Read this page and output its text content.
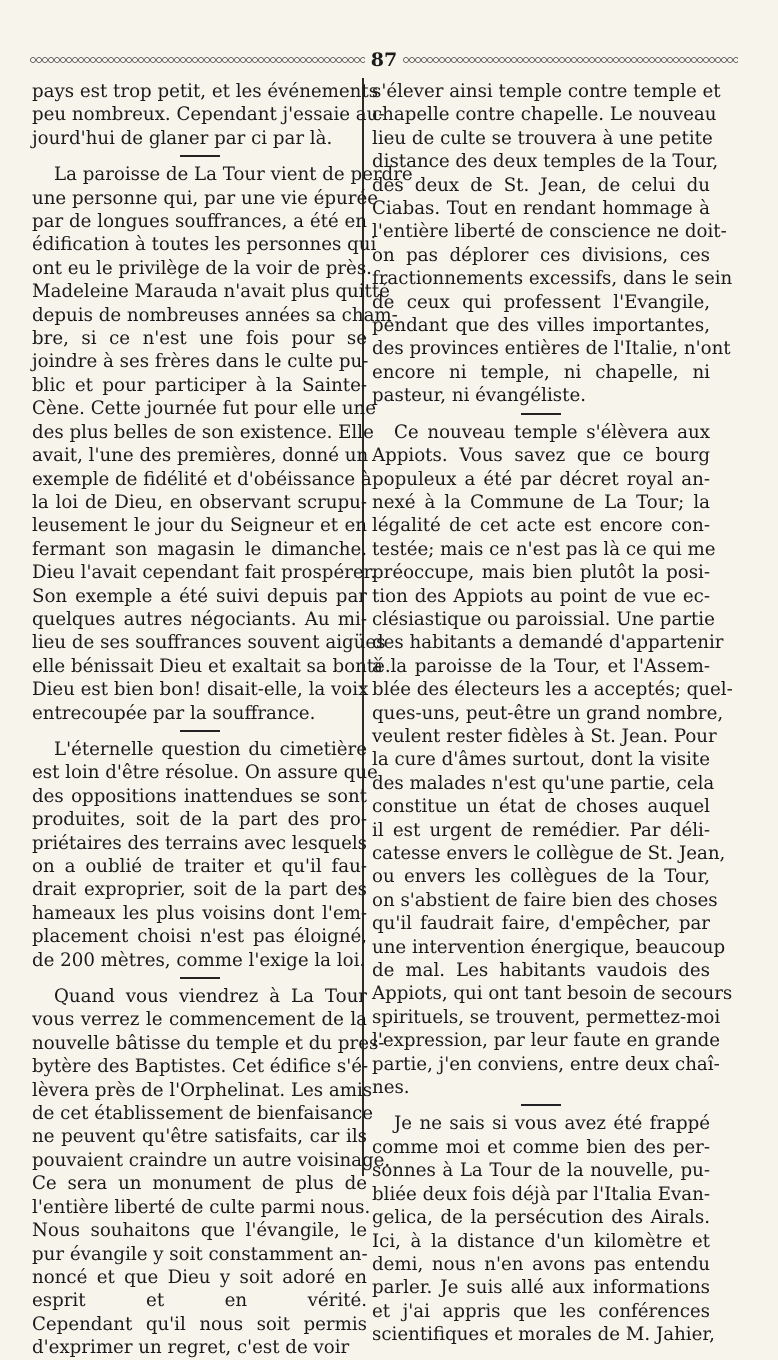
87
pays est trop petit, et les événements
peu nombreux. Cependant j'essaie au-
jourd'hui de glaner par ci par là.
La paroisse de La Tour vient de perdre
une personne qui, par une vie épurée
par de longues souffrances, a été en
édification à toutes les personnes qui
ont eu le privilège de la voir de près.
Madeleine Marauda n'avait plus quitté
depuis de nombreuses années sa cham-
bre, si ce n'est une fois pour se
joindre à ses frères dans le culte pu-
blic et pour participer à la Sainte-
Cène. Cette journée fut pour elle une
des plus belles de son existence. Elle
avait, l'une des premières, donné un
exemple de fidélité et d'obéissance à
la loi de Dieu, en observant scrupu-
leusement le jour du Seigneur et en
fermant son magasin le dimanche.
Dieu l'avait cependant fait prospérer.
Son exemple a été suivi depuis par
quelques autres négociants. Au mi-
lieu de ses souffrances souvent aigües
elle bénissait Dieu et exaltait sa bonté.
Dieu est bien bon! disait-elle, la voix
entrecoupée par la souffrance.
L'éternelle question du cimetière
est loin d'être résolue. On assure que
des oppositions inattendues se sont
produites, soit de la part des pro-
priétaires des terrains avec lesquels
on a oublié de traiter et qu'il fau-
drait exproprier, soit de la part des
hameaux les plus voisins dont l'em-
placement choisi n'est pas éloigné,
de 200 mètres, comme l'exige la loi.
Quand vous viendrez à La Tour
vous verrez le commencement de la
nouvelle bâtisse du temple et du pres-
bytère des Baptistes. Cet édifice s'é-
lèvera près de l'Orphelinat. Les amis
de cet établissement de bienfaisance
ne peuvent qu'être satisfaits, car ils
pouvaient craindre un autre voisinage.
Ce sera un monument de plus de
l'entière liberté de culte parmi nous.
Nous souhaitons que l'évangile, le
pur évangile y soit constamment an-
noncé et que Dieu y soit adoré en
esprit et en vérité.
Cependant qu'il nous soit permis
d'exprimer un regret, c'est de voir
s'élever ainsi temple contre temple et
chapelle contre chapelle. Le nouveau
lieu de culte se trouvera à une petite
distance des deux temples de la Tour,
des deux de St. Jean, de celui du
Ciabas. Tout en rendant hommage à
l'entière liberté de conscience ne doit-
on pas déplorer ces divisions, ces
fractionnements excessifs, dans le sein
de ceux qui professent l'Evangile,
pendant que des villes importantes,
des provinces entières de l'Italie, n'ont
encore ni temple, ni chapelle, ni
pasteur, ni évangéliste.
Ce nouveau temple s'élèvera aux
Appiots. Vous savez que ce bourg
populeux a été par décret royal an-
nexé à la Commune de La Tour; la
légalité de cet acte est encore con-
testée; mais ce n'est pas là ce qui me
préoccupe, mais bien plutôt la posi-
tion des Appiots au point de vue ec-
clésiastique ou paroissial. Une partie
des habitants a demandé d'appartenir
à la paroisse de la Tour, et l'Assem-
blée des électeurs les a acceptés; quel-
ques-uns, peut-être un grand nombre,
veulent rester fidèles à St. Jean. Pour
la cure d'âmes surtout, dont la visite
des malades n'est qu'une partie, cela
constitue un état de choses auquel
il est urgent de remédier. Par déli-
catesse envers le collègue de St. Jean,
ou envers les collègues de la Tour,
on s'abstient de faire bien des choses
qu'il faudrait faire, d'empêcher, par
une intervention énergique, beaucoup
de mal. Les habitants vaudois des
Appiots, qui ont tant besoin de secours
spirituels, se trouvent, permettez-moi
l'expression, par leur faute en grande
partie, j'en conviens, entre deux chaî-
nes.
Je ne sais si vous avez été frappé
comme moi et comme bien des per-
sonnes à La Tour de la nouvelle, pu-
bliée deux fois déjà par l'Italia Evan-
gelica, de la persécution des Airals.
Ici, à la distance d'un kilomètre et
demi, nous n'en avons pas entendu
parler. Je suis allé aux informations
et j'ai appris que les conférences
scientifiques et morales de M. Jahier,
